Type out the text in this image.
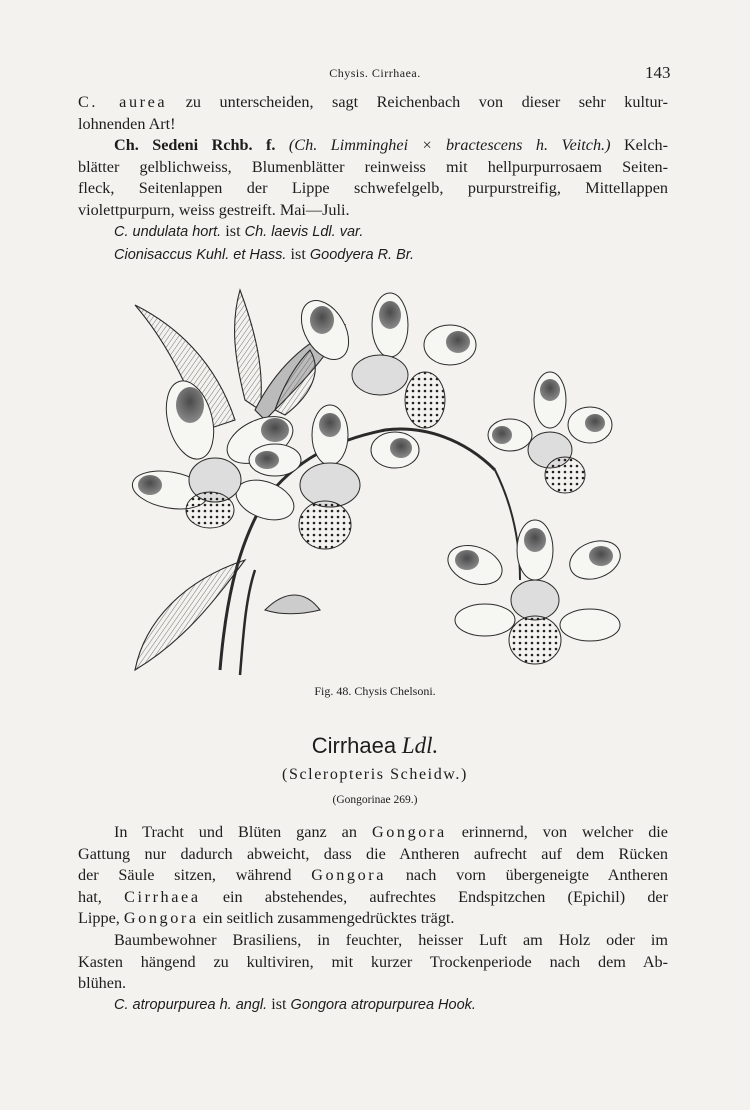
Chysis. Cirrhaea.	143
C. aurea zu unterscheiden, sagt Reichenbach von dieser sehr kultur-
lohnenden Art!
Ch. Sedeni Rchb. f. (Ch. Limminghei × bractescens h. Veitch.) Kelch-
blätter gelblichweiss, Blumenblätter reinweiss mit hellpurpurrosaem Seiten-
fleck, Seitenlappen der Lippe schwefelgelb, purpurstreifig, Mittellappen
violettpurpurn, weiss gestreift. Mai—Juli.
C. undulata hort. ist Ch. laevis Ldl. var.
Cionisaccus Kuhl. et Hass. ist Goodyera R. Br.
Fig. 48. Chysis Chelsoni.
Cirrhaea Ldl.
(Scleropteris Scheidw.)
(Gongorinae 269.)
In Tracht und Blüten ganz an Gongora erinnernd, von welcher die
Gattung nur dadurch abweicht, dass die Antheren aufrecht auf dem Rücken
der Säule sitzen, während Gongora nach vorn übergeneigte Antheren
hat, Cirrhaea ein abstehendes, aufrechtes Endspitzchen (Epichil) der
Lippe, Gongora ein seitlich zusammengedrücktes trägt.
Baumbewohner Brasiliens, in feuchter, heisser Luft am Holz oder im
Kasten hängend zu kultiviren, mit kurzer Trockenperiode nach dem Ab-
blühen.
C. atropurpurea h. angl. ist Gongora atropurpurea Hook.
